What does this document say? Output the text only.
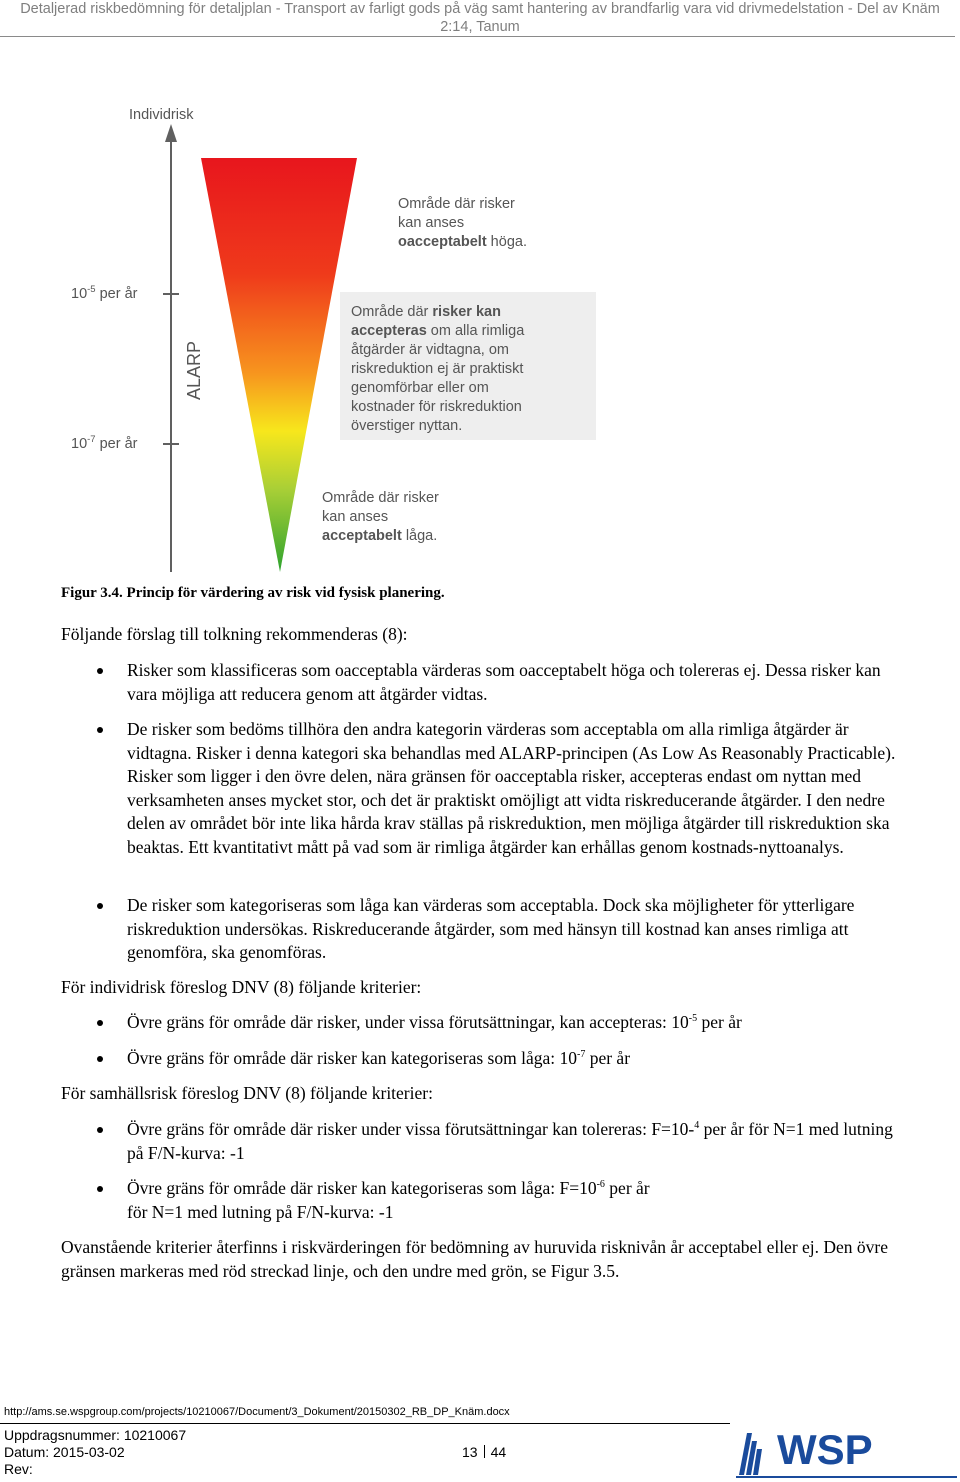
Detaljerad riskbedömning för detaljplan - Transport av farligt gods på väg samt hantering av brandfarlig vara vid drivmedelstation - Del av Knäm
2:14, Tanum
Individrisk
$10^{-5}$ per år
$10^{-7}$ per år
ALARP
Område där risker
kan anses
oacceptabelt höga.
Område där risker kan
accepteras om alla rimliga
åtgärder är vidtagna, om
riskreduktion ej är praktiskt
genomförbar eller om
kostnader för riskreduktion
överstiger nyttan.
Område där risker
kan anses
acceptabelt låga.
Figur 3.4. Princip för värdering av risk vid fysisk planering.
Följande förslag till tolkning rekommenderas (8):
Risker som klassificeras som oacceptabla värderas som oacceptabelt höga och tolereras ej. Dessa risker kan vara möjliga att reducera genom att åtgärder vidtas.
De risker som bedöms tillhöra den andra kategorin värderas som acceptabla om alla rimliga åtgärder är vidtagna. Risker i denna kategori ska behandlas med ALARP-principen (As Low As Reasonably Practicable). Risker som ligger i den övre delen, nära gränsen för oacceptabla risker, accepteras endast om nyttan med verksamheten anses mycket stor, och det är praktiskt omöjligt att vidta riskreducerande åtgärder. I den nedre delen av området bör inte lika hårda krav ställas på riskreduktion, men möjliga åtgärder till riskreduktion ska beaktas. Ett kvantitativt mått på vad som är rimliga åtgärder kan erhållas genom kostnads-nyttoanalys.
De risker som kategoriseras som låga kan värderas som acceptabla. Dock ska möjligheter för ytterligare riskreduktion undersökas. Riskreducerande åtgärder, som med hänsyn till kostnad kan anses rimliga att genomföra, ska genomföras.
För individrisk föreslog DNV (8) följande kriterier:
Övre gräns för område där risker, under vissa förutsättningar, kan accepteras: $10^{-5}$ per år
Övre gräns för område där risker kan kategoriseras som låga: $10^{-7}$ per år
För samhällsrisk föreslog DNV (8) följande kriterier:
Övre gräns för område där risker under vissa förutsättningar kan tolereras: F=10-$^4$ per år för N=1 med lutning på F/N-kurva: -1
Övre gräns för område där risker kan kategoriseras som låga: $F=10^{-6}$ per år
för N=1 med lutning på F/N-kurva: -1
Ovanstående kriterier återfinns i riskvärderingen för bedömning av huruvida risknivån år acceptabel eller ej. Den övre gränsen markeras med röd streckad linje, och den undre med grön, se Figur 3.5.
http://ams.se.wspgroup.com/projects/10210067/Document/3_Dokument/20150302_RB_DP_Knäm.docx
Uppdragsnummer: 10210067
Datum: 2015-03-02
Rev:
13 44	WSP
